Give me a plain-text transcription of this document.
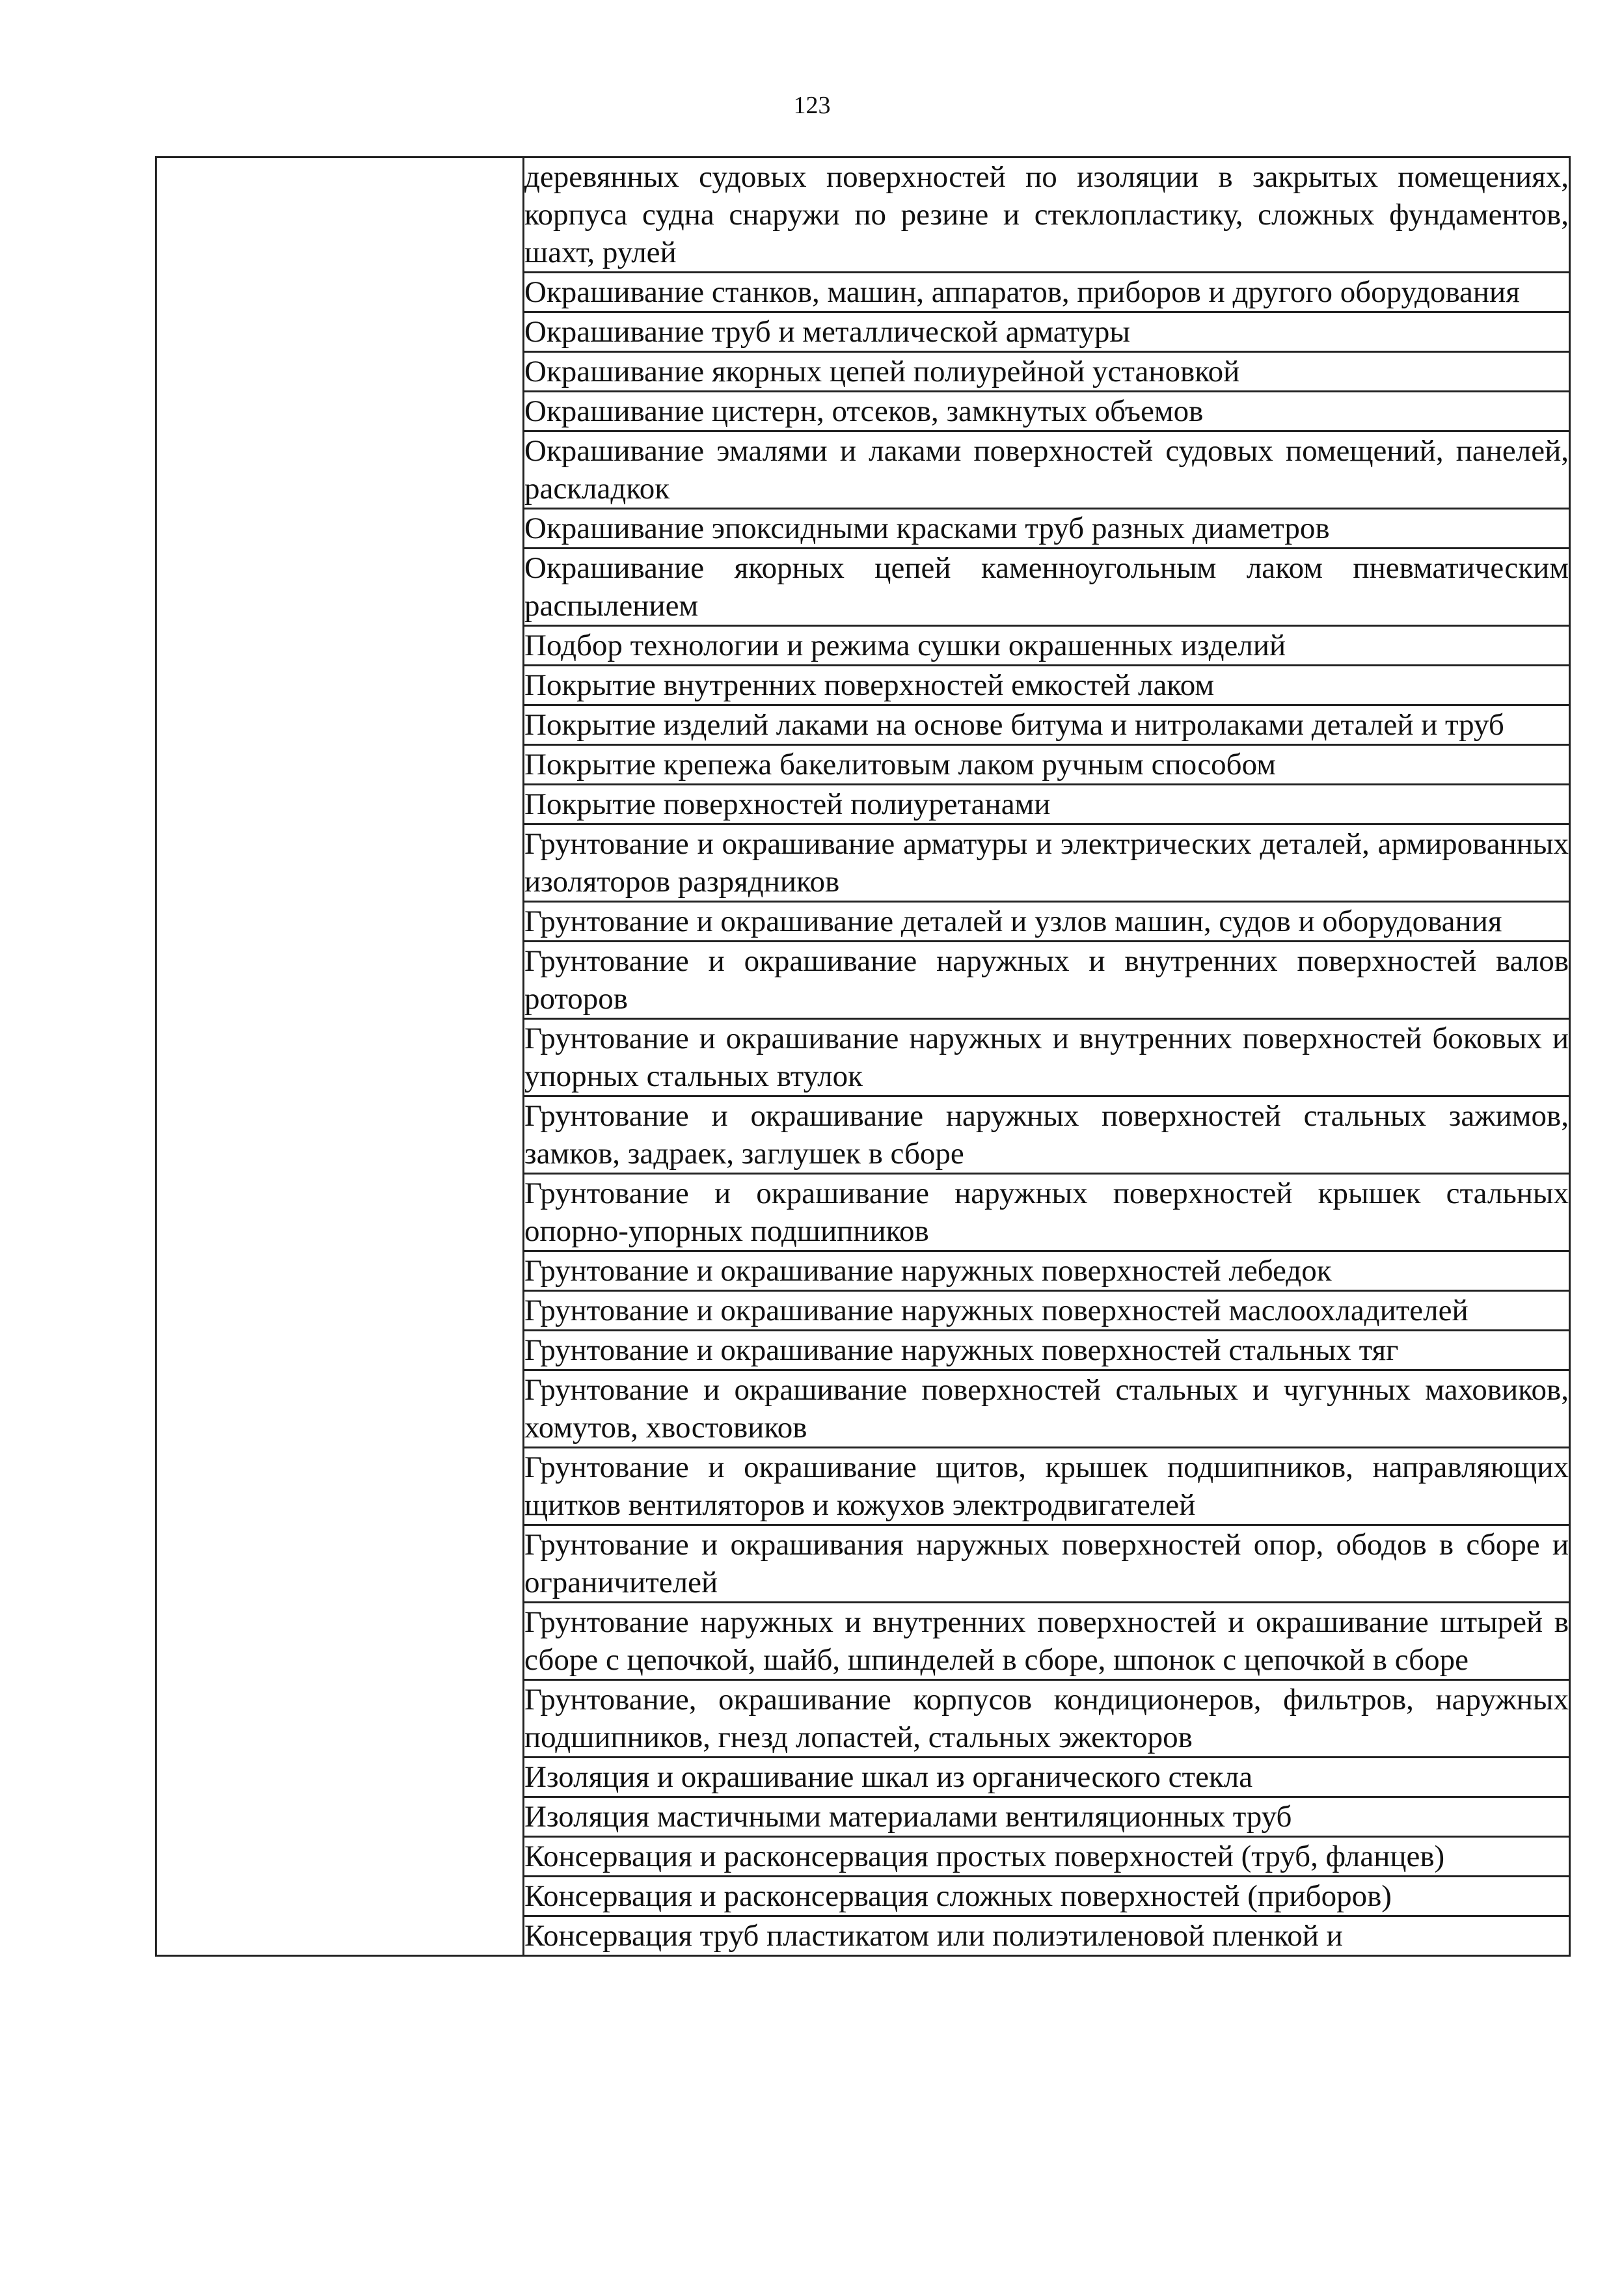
123
	деревянных судовых поверхностей по изоляции в закрытых помещениях, корпуса судна снаружи по резине и стеклопластику, сложных фундаментов, шахт, рулей
Окрашивание станков, машин, аппаратов, приборов и другого оборудования
Окрашивание труб и металлической арматуры
Окрашивание якорных цепей полиурейной установкой
Окрашивание цистерн, отсеков, замкнутых объемов
Окрашивание эмалями и лаками поверхностей судовых помещений, панелей, раскладкок
Окрашивание эпоксидными красками труб разных диаметров
Окрашивание якорных цепей каменноугольным лаком пневматическим распылением
Подбор технологии и режима сушки окрашенных изделий
Покрытие внутренних поверхностей емкостей лаком
Покрытие изделий лаками на основе битума и нитролаками деталей и труб
Покрытие крепежа бакелитовым лаком ручным способом
Покрытие поверхностей полиуретанами
Грунтование и окрашивание арматуры и электрических деталей, армированных изоляторов разрядников
Грунтование и окрашивание деталей и узлов машин, судов и оборудования
Грунтование и окрашивание наружных и внутренних поверхностей валов роторов
Грунтование и окрашивание наружных и внутренних поверхностей боковых и упорных стальных втулок
Грунтование и окрашивание наружных поверхностей стальных зажимов, замков, задраек, заглушек в сборе
Грунтование и окрашивание наружных поверхностей крышек стальных опорно-упорных подшипников
Грунтование и окрашивание наружных поверхностей лебедок
Грунтование и окрашивание наружных поверхностей маслоохладителей
Грунтование и окрашивание наружных поверхностей стальных тяг
Грунтование и окрашивание поверхностей стальных и чугунных маховиков, хомутов, хвостовиков
Грунтование и окрашивание щитов, крышек подшипников, направляющих щитков вентиляторов и кожухов электродвигателей
Грунтование и окрашивания наружных поверхностей опор, ободов в сборе и ограничителей
Грунтование наружных и внутренних поверхностей и окрашивание штырей в сборе с цепочкой, шайб, шпинделей в сборе, шпонок с цепочкой в сборе
Грунтование, окрашивание корпусов кондиционеров, фильтров, наружных подшипников, гнезд лопастей, стальных эжекторов
Изоляция и окрашивание шкал из органического стекла
Изоляция мастичными материалами вентиляционных труб
Консервация и расконсервация простых поверхностей (труб, фланцев)
Консервация и расконсервация сложных поверхностей (приборов)
Консервация труб пластикатом или полиэтиленовой пленкой и
